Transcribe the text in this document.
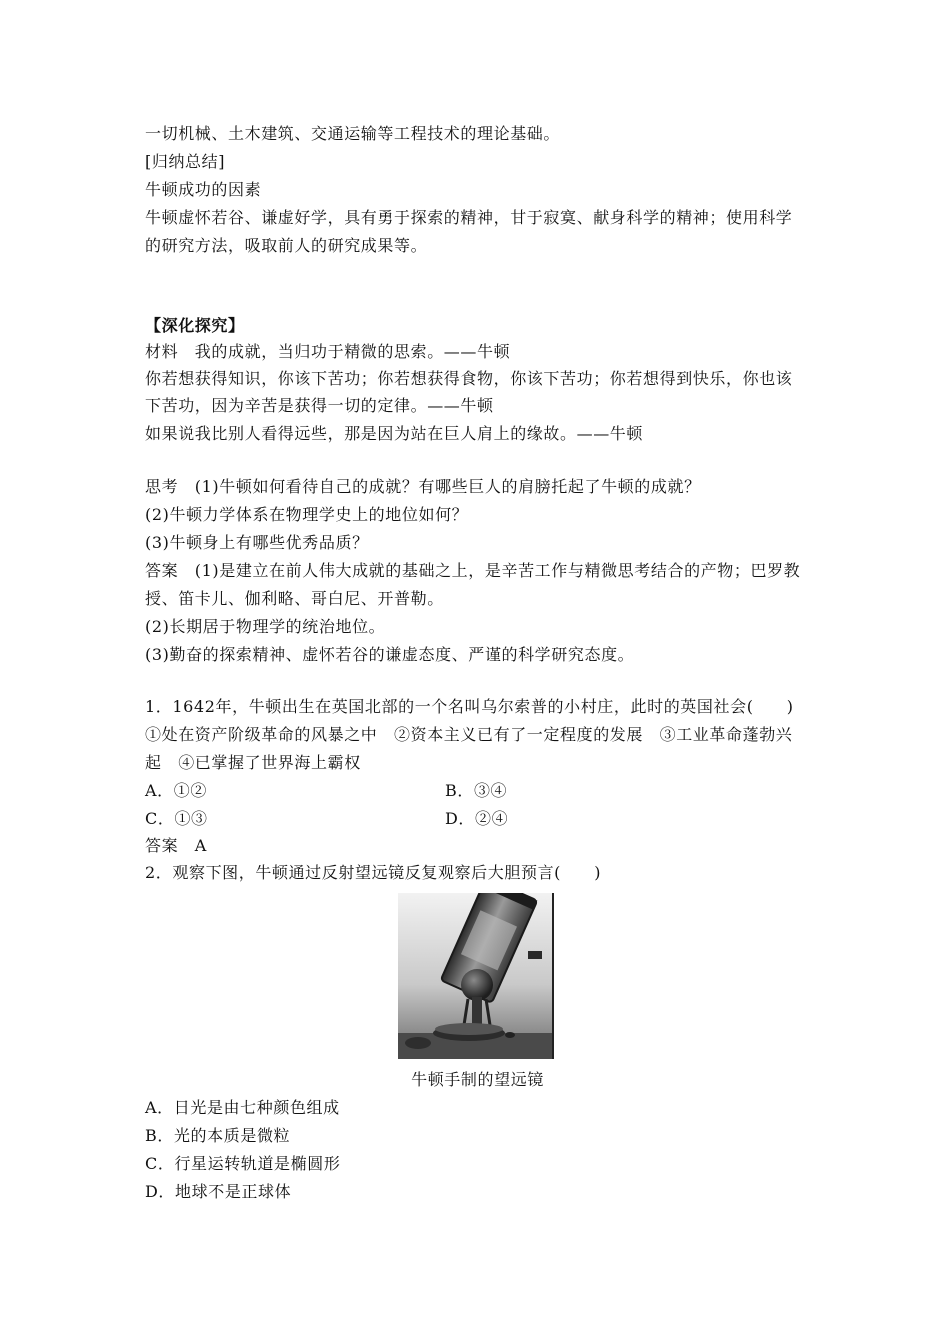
一切机械、土木建筑、交通运输等工程技术的理论基础。
[归纳总结]
牛顿成功的因素
牛顿虚怀若谷、谦虚好学，具有勇于探索的精神，甘于寂寞、献身科学的精神；使用科学
的研究方法，吸取前人的研究成果等。
【深化探究】
材料　我的成就，当归功于精微的思索。——牛顿
你若想获得知识，你该下苦功；你若想获得食物，你该下苦功；你若想得到快乐，你也该
下苦功，因为辛苦是获得一切的定律。——牛顿
如果说我比别人看得远些，那是因为站在巨人肩上的缘故。——牛顿
思考　(1)牛顿如何看待自己的成就？有哪些巨人的肩膀托起了牛顿的成就？
(2)牛顿力学体系在物理学史上的地位如何？
(3)牛顿身上有哪些优秀品质？
答案　(1)是建立在前人伟大成就的基础之上，是辛苦工作与精微思考结合的产物；巴罗教
授、笛卡儿、伽利略、哥白尼、开普勒。
(2)长期居于物理学的统治地位。
(3)勤奋的探索精神、虚怀若谷的谦虚态度、严谨的科学研究态度。
1．1642年，牛顿出生在英国北部的一个名叫乌尔索普的小村庄，此时的英国社会(　　)
①处在资产阶级革命的风暴之中　②资本主义已有了一定程度的发展　③工业革命蓬勃兴
起　④已掌握了世界海上霸权
A．①②	B．③④
C．①③	D．②④
答案　A
2．观察下图，牛顿通过反射望远镜反复观察后大胆预言(　　)
牛顿手制的望远镜
A．日光是由七种颜色组成
B．光的本质是微粒
C．行星运转轨道是椭圆形
D．地球不是正球体
